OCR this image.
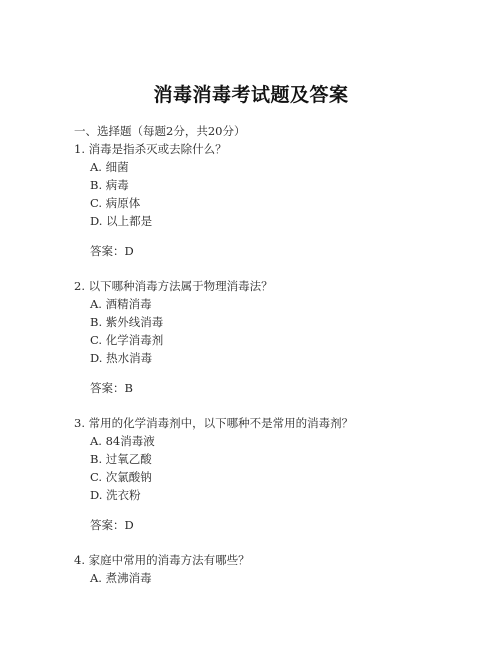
消毒消毒考试题及答案
一、选择题（每题2分，共20分）
1. 消毒是指杀灭或去除什么？
A. 细菌
B. 病毒
C. 病原体
D. 以上都是
答案：D
2. 以下哪种消毒方法属于物理消毒法？
A. 酒精消毒
B. 紫外线消毒
C. 化学消毒剂
D. 热水消毒
答案：B
3. 常用的化学消毒剂中，以下哪种不是常用的消毒剂？
A. 84消毒液
B. 过氧乙酸
C. 次氯酸钠
D. 洗衣粉
答案：D
4. 家庭中常用的消毒方法有哪些？
A. 煮沸消毒
